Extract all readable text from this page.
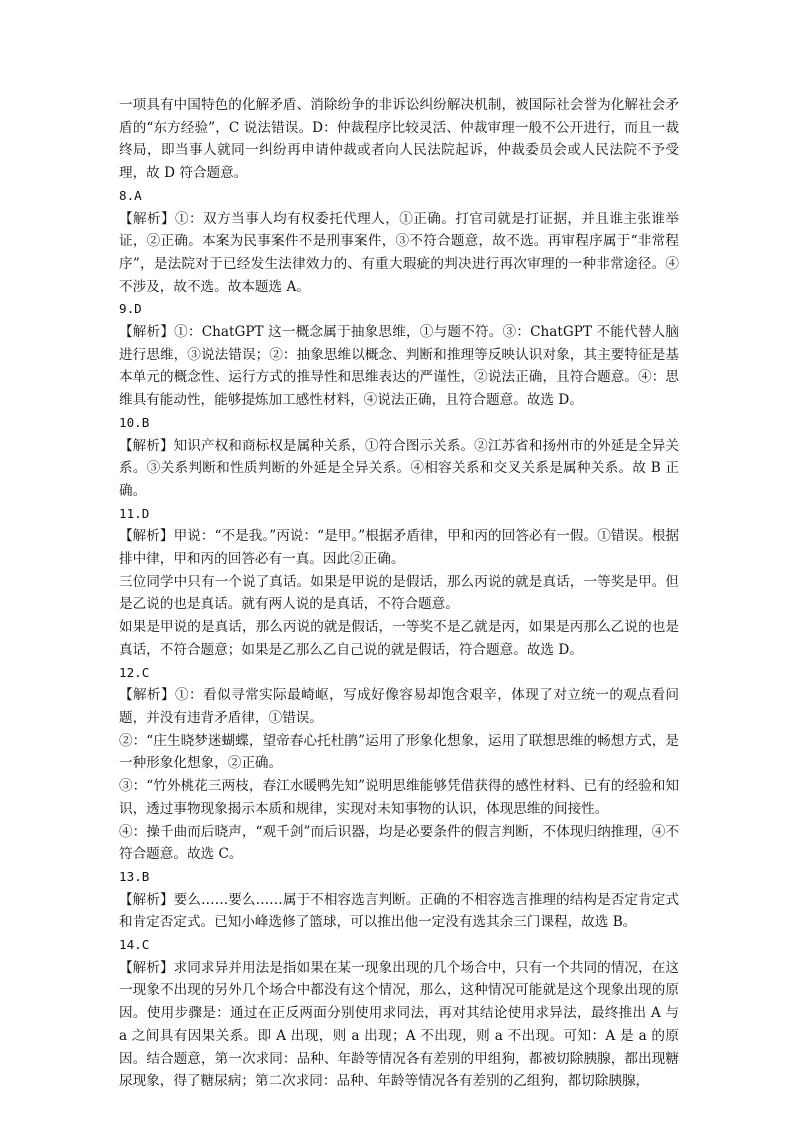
一项具有中国特色的化解矛盾、消除纷争的非诉讼纠纷解决机制，被国际社会誉为化解社会矛盾的“东方经验”，C 说法错误。D：仲裁程序比较灵活、仲裁审理一般不公开进行，而且一裁终局，即当事人就同一纠纷再申请仲裁或者向人民法院起诉，仲裁委员会或人民法院不予受理，故 D 符合题意。

8.A

【解析】①：双方当事人均有权委托代理人，①正确。打官司就是打证据，并且谁主张谁举证，②正确。本案为民事案件不是刑事案件，③不符合题意，故不选。再审程序属于“非常程序”，是法院对于已经发生法律效力的、有重大瑕疵的判决进行再次审理的一种非常途径。④不涉及，故不选。故本题选 A。

9.D

【解析】①：ChatGPT 这一概念属于抽象思维，①与题不符。③：ChatGPT 不能代替人脑进行思维，③说法错误；②：抽象思维以概念、判断和推理等反映认识对象，其主要特征是基本单元的概念性、运行方式的推导性和思维表达的严谨性，②说法正确，且符合题意。④：思维具有能动性，能够提炼加工感性材料，④说法正确，且符合题意。故选 D。

10.B

【解析】知识产权和商标权是属种关系，①符合图示关系。②江苏省和扬州市的外延是全异关系。③关系判断和性质判断的外延是全异关系。④相容关系和交叉关系是属种关系。故 B 正确。

11.D

【解析】甲说：“不是我。”丙说：“是甲。”根据矛盾律，甲和丙的回答必有一假。①错误。根据排中律，甲和丙的回答必有一真。因此②正确。

三位同学中只有一个说了真话。如果是甲说的是假话，那么丙说的就是真话，一等奖是甲。但是乙说的也是真话。就有两人说的是真话，不符合题意。

如果是甲说的是真话，那么丙说的就是假话，一等奖不是乙就是丙，如果是丙那么乙说的也是真话，不符合题意；如果是乙那么乙自己说的就是假话，符合题意。故选 D。

12.C

【解析】①：看似寻常实际最崎岖，写成好像容易却饱含艰辛，体现了对立统一的观点看问题，并没有违背矛盾律，①错误。

②：“庄生晓梦迷蝴蝶，望帝春心托杜鹃”运用了形象化想象，运用了联想思维的畅想方式，是一种形象化想象，②正确。

③：“竹外桃花三两枝，春江水暖鸭先知”说明思维能够凭借获得的感性材料、已有的经验和知识，透过事物现象揭示本质和规律，实现对未知事物的认识，体现思维的间接性。

④：操千曲而后晓声，“观千剑”而后识器，均是必要条件的假言判断，不体现归纳推理，④不符合题意。故选 C。

13.B

【解析】要么……要么……属于不相容选言判断。正确的不相容选言推理的结构是否定肯定式和肯定否定式。已知小峰选修了篮球，可以推出他一定没有选其余三门课程，故选 B。

14.C

【解析】求同求异并用法是指如果在某一现象出现的几个场合中，只有一个共同的情况，在这一现象不出现的另外几个场合中都没有这个情况，那么，这种情况可能就是这个现象出现的原因。使用步骤是：通过在正反两面分别使用求同法，再对其结论使用求异法，最终推出 A 与 a 之间具有因果关系。即 A 出现，则 a 出现；A 不出现，则 a 不出现。可知：A 是 a 的原因。结合题意，第一次求同：品种、年龄等情况各有差别的甲组狗，都被切除胰腺，都出现糖尿现象，得了糖尿病；第二次求同：品种、年龄等情况各有差别的乙组狗，都切除胰腺，
